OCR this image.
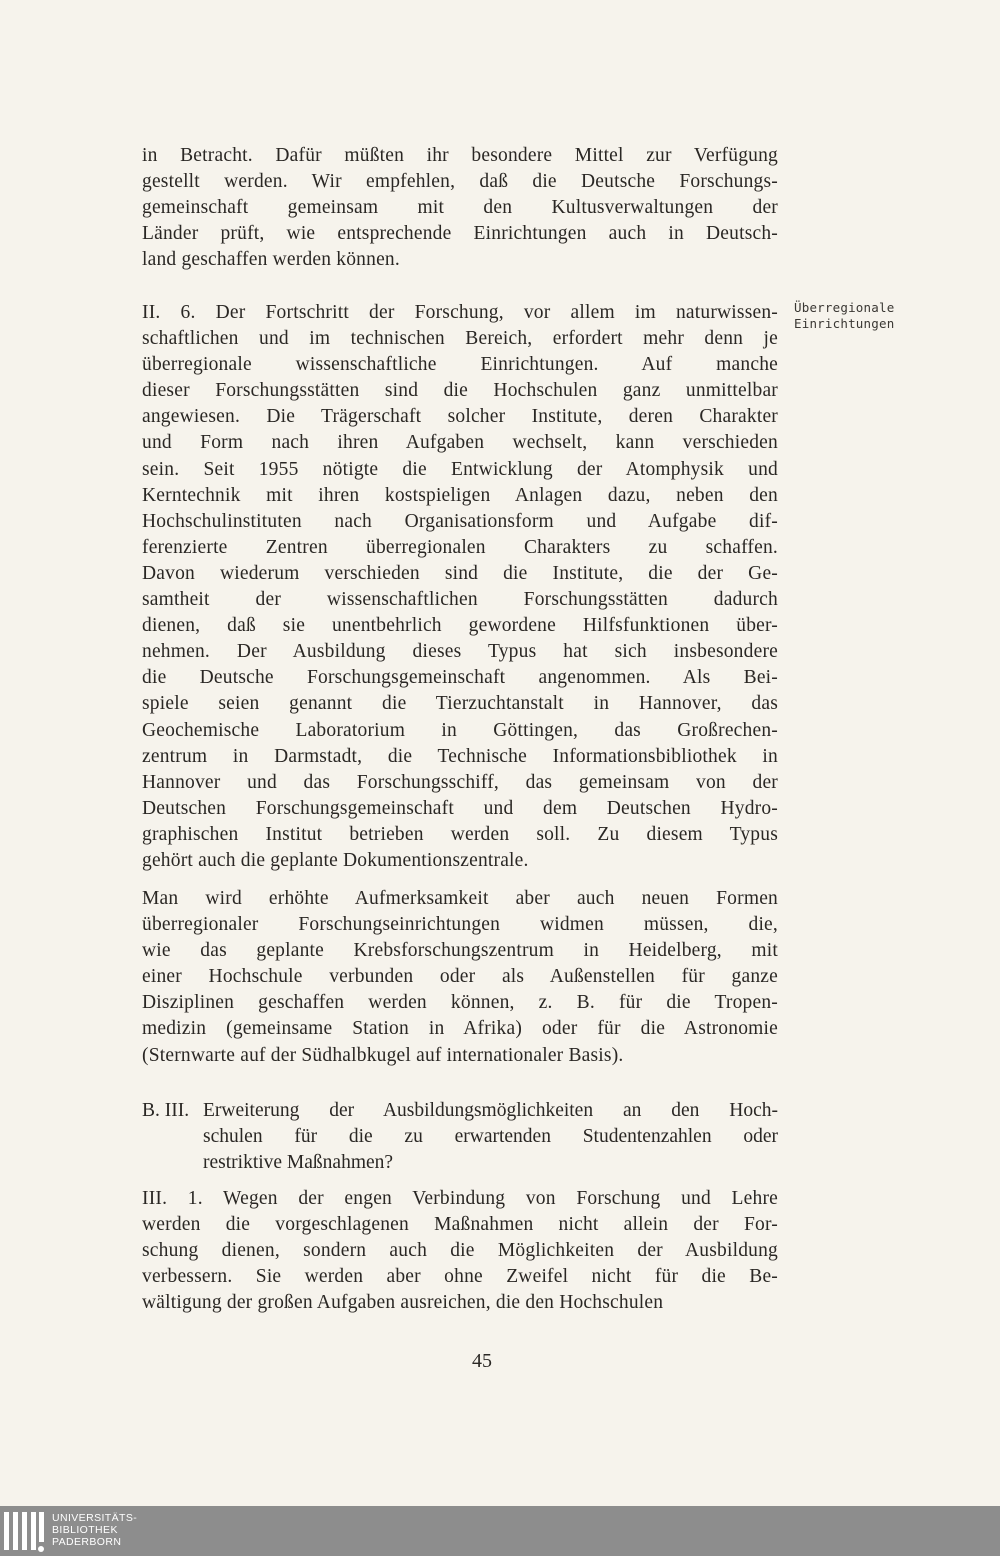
in Betracht. Dafür müßten ihr besondere Mittel zur Verfügung
gestellt werden. Wir empfehlen, daß die Deutsche Forschungs-
gemeinschaft gemeinsam mit den Kultusverwaltungen der
Länder prüft, wie entsprechende Einrichtungen auch in Deutsch-
land geschaffen werden können.
II. 6. Der Fortschritt der Forschung, vor allem im naturwissen-
schaftlichen und im technischen Bereich, erfordert mehr denn je
überregionale wissenschaftliche Einrichtungen. Auf manche
dieser Forschungsstätten sind die Hochschulen ganz unmittelbar
angewiesen. Die Trägerschaft solcher Institute, deren Charakter
und Form nach ihren Aufgaben wechselt, kann verschieden
sein. Seit 1955 nötigte die Entwicklung der Atomphysik und
Kerntechnik mit ihren kostspieligen Anlagen dazu, neben den
Hochschulinstituten nach Organisationsform und Aufgabe dif-
ferenzierte Zentren überregionalen Charakters zu schaffen.
Davon wiederum verschieden sind die Institute, die der Ge-
samtheit der wissenschaftlichen Forschungsstätten dadurch
dienen, daß sie unentbehrlich gewordene Hilfsfunktionen über-
nehmen. Der Ausbildung dieses Typus hat sich insbesondere
die Deutsche Forschungsgemeinschaft angenommen. Als Bei-
spiele seien genannt die Tierzuchtanstalt in Hannover, das
Geochemische Laboratorium in Göttingen, das Großrechen-
zentrum in Darmstadt, die Technische Informationsbibliothek in
Hannover und das Forschungsschiff, das gemeinsam von der
Deutschen Forschungsgemeinschaft und dem Deutschen Hydro-
graphischen Institut betrieben werden soll. Zu diesem Typus
gehört auch die geplante Dokumentionszentrale.
Überregionale
Einrichtungen
Man wird erhöhte Aufmerksamkeit aber auch neuen Formen
überregionaler Forschungseinrichtungen widmen müssen, die,
wie das geplante Krebsforschungszentrum in Heidelberg, mit
einer Hochschule verbunden oder als Außenstellen für ganze
Disziplinen geschaffen werden können, z. B. für die Tropen-
medizin (gemeinsame Station in Afrika) oder für die Astronomie
(Sternwarte auf der Südhalbkugel auf internationaler Basis).
B. III. Erweiterung der Ausbildungsmöglichkeiten an den Hoch-
schulen für die zu erwartenden Studentenzahlen oder
restriktive Maßnahmen?
III. 1. Wegen der engen Verbindung von Forschung und Lehre
werden die vorgeschlagenen Maßnahmen nicht allein der For-
schung dienen, sondern auch die Möglichkeiten der Ausbildung
verbessern. Sie werden aber ohne Zweifel nicht für die Be-
wältigung der großen Aufgaben ausreichen, die den Hochschulen
45
UNIVERSITÄTS-
BIBLIOTHEK
PADERBORN
